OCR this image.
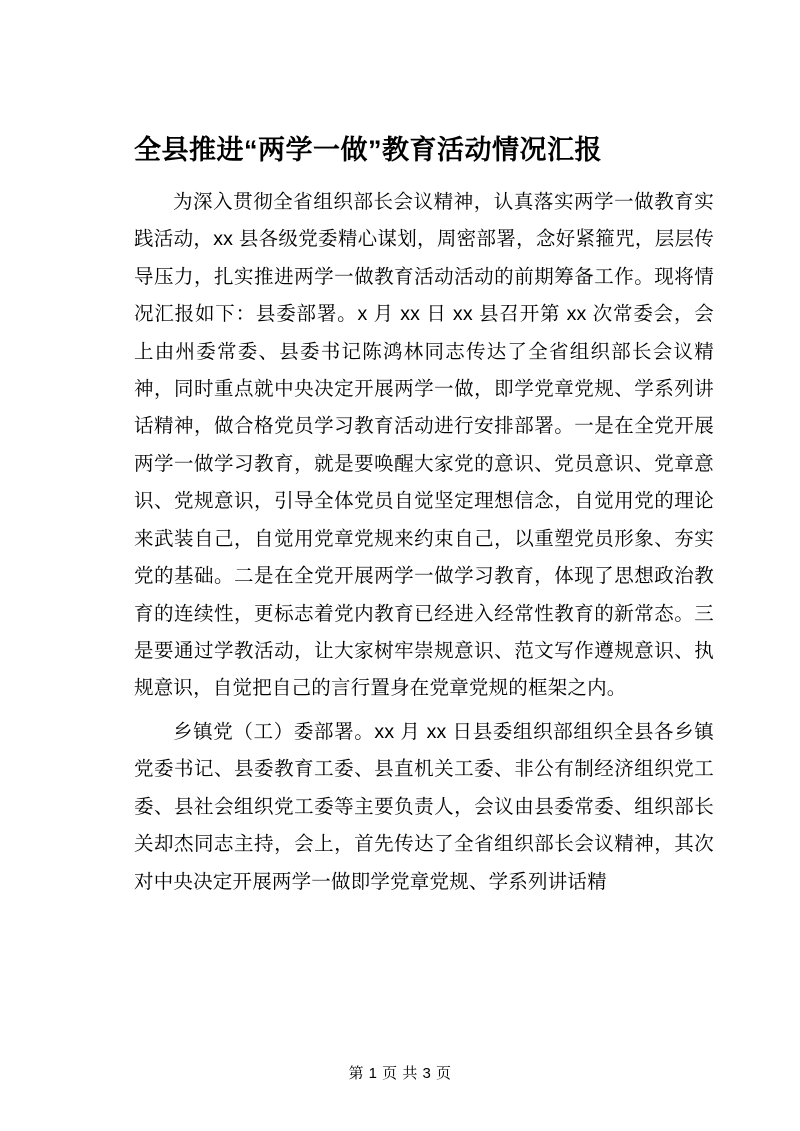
全县推进“两学一做”教育活动情况汇报

为深入贯彻全省组织部长会议精神，认真落实两学一做教育实践活动，xx 县各级党委精心谋划，周密部署，念好紧箍咒，层层传导压力，扎实推进两学一做教育活动活动的前期筹备工作。现将情况汇报如下：县委部署。x 月 xx 日 xx 县召开第 xx 次常委会，会上由州委常委、县委书记陈鸿林同志传达了全省组织部长会议精神，同时重点就中央决定开展两学一做，即学党章党规、学系列讲话精神，做合格党员学习教育活动进行安排部署。一是在全党开展两学一做学习教育，就是要唤醒大家党的意识、党员意识、党章意识、党规意识，引导全体党员自觉坚定理想信念，自觉用党的理论来武装自己，自觉用党章党规来约束自己，以重塑党员形象、夯实党的基础。二是在全党开展两学一做学习教育，体现了思想政治教育的连续性，更标志着党内教育已经进入经常性教育的新常态。三是要通过学教活动，让大家树牢崇规意识、范文写作遵规意识、执规意识，自觉把自己的言行置身在党章党规的框架之内。

乡镇党（工）委部署。xx 月 xx 日县委组织部组织全县各乡镇党委书记、县委教育工委、县直机关工委、非公有制经济组织党工委、县社会组织党工委等主要负责人，会议由县委常委、组织部长关却杰同志主持，会上，首先传达了全省组织部长会议精神，其次对中央决定开展两学一做即学党章党规、学系列讲话精

第 1 页 共 3 页
